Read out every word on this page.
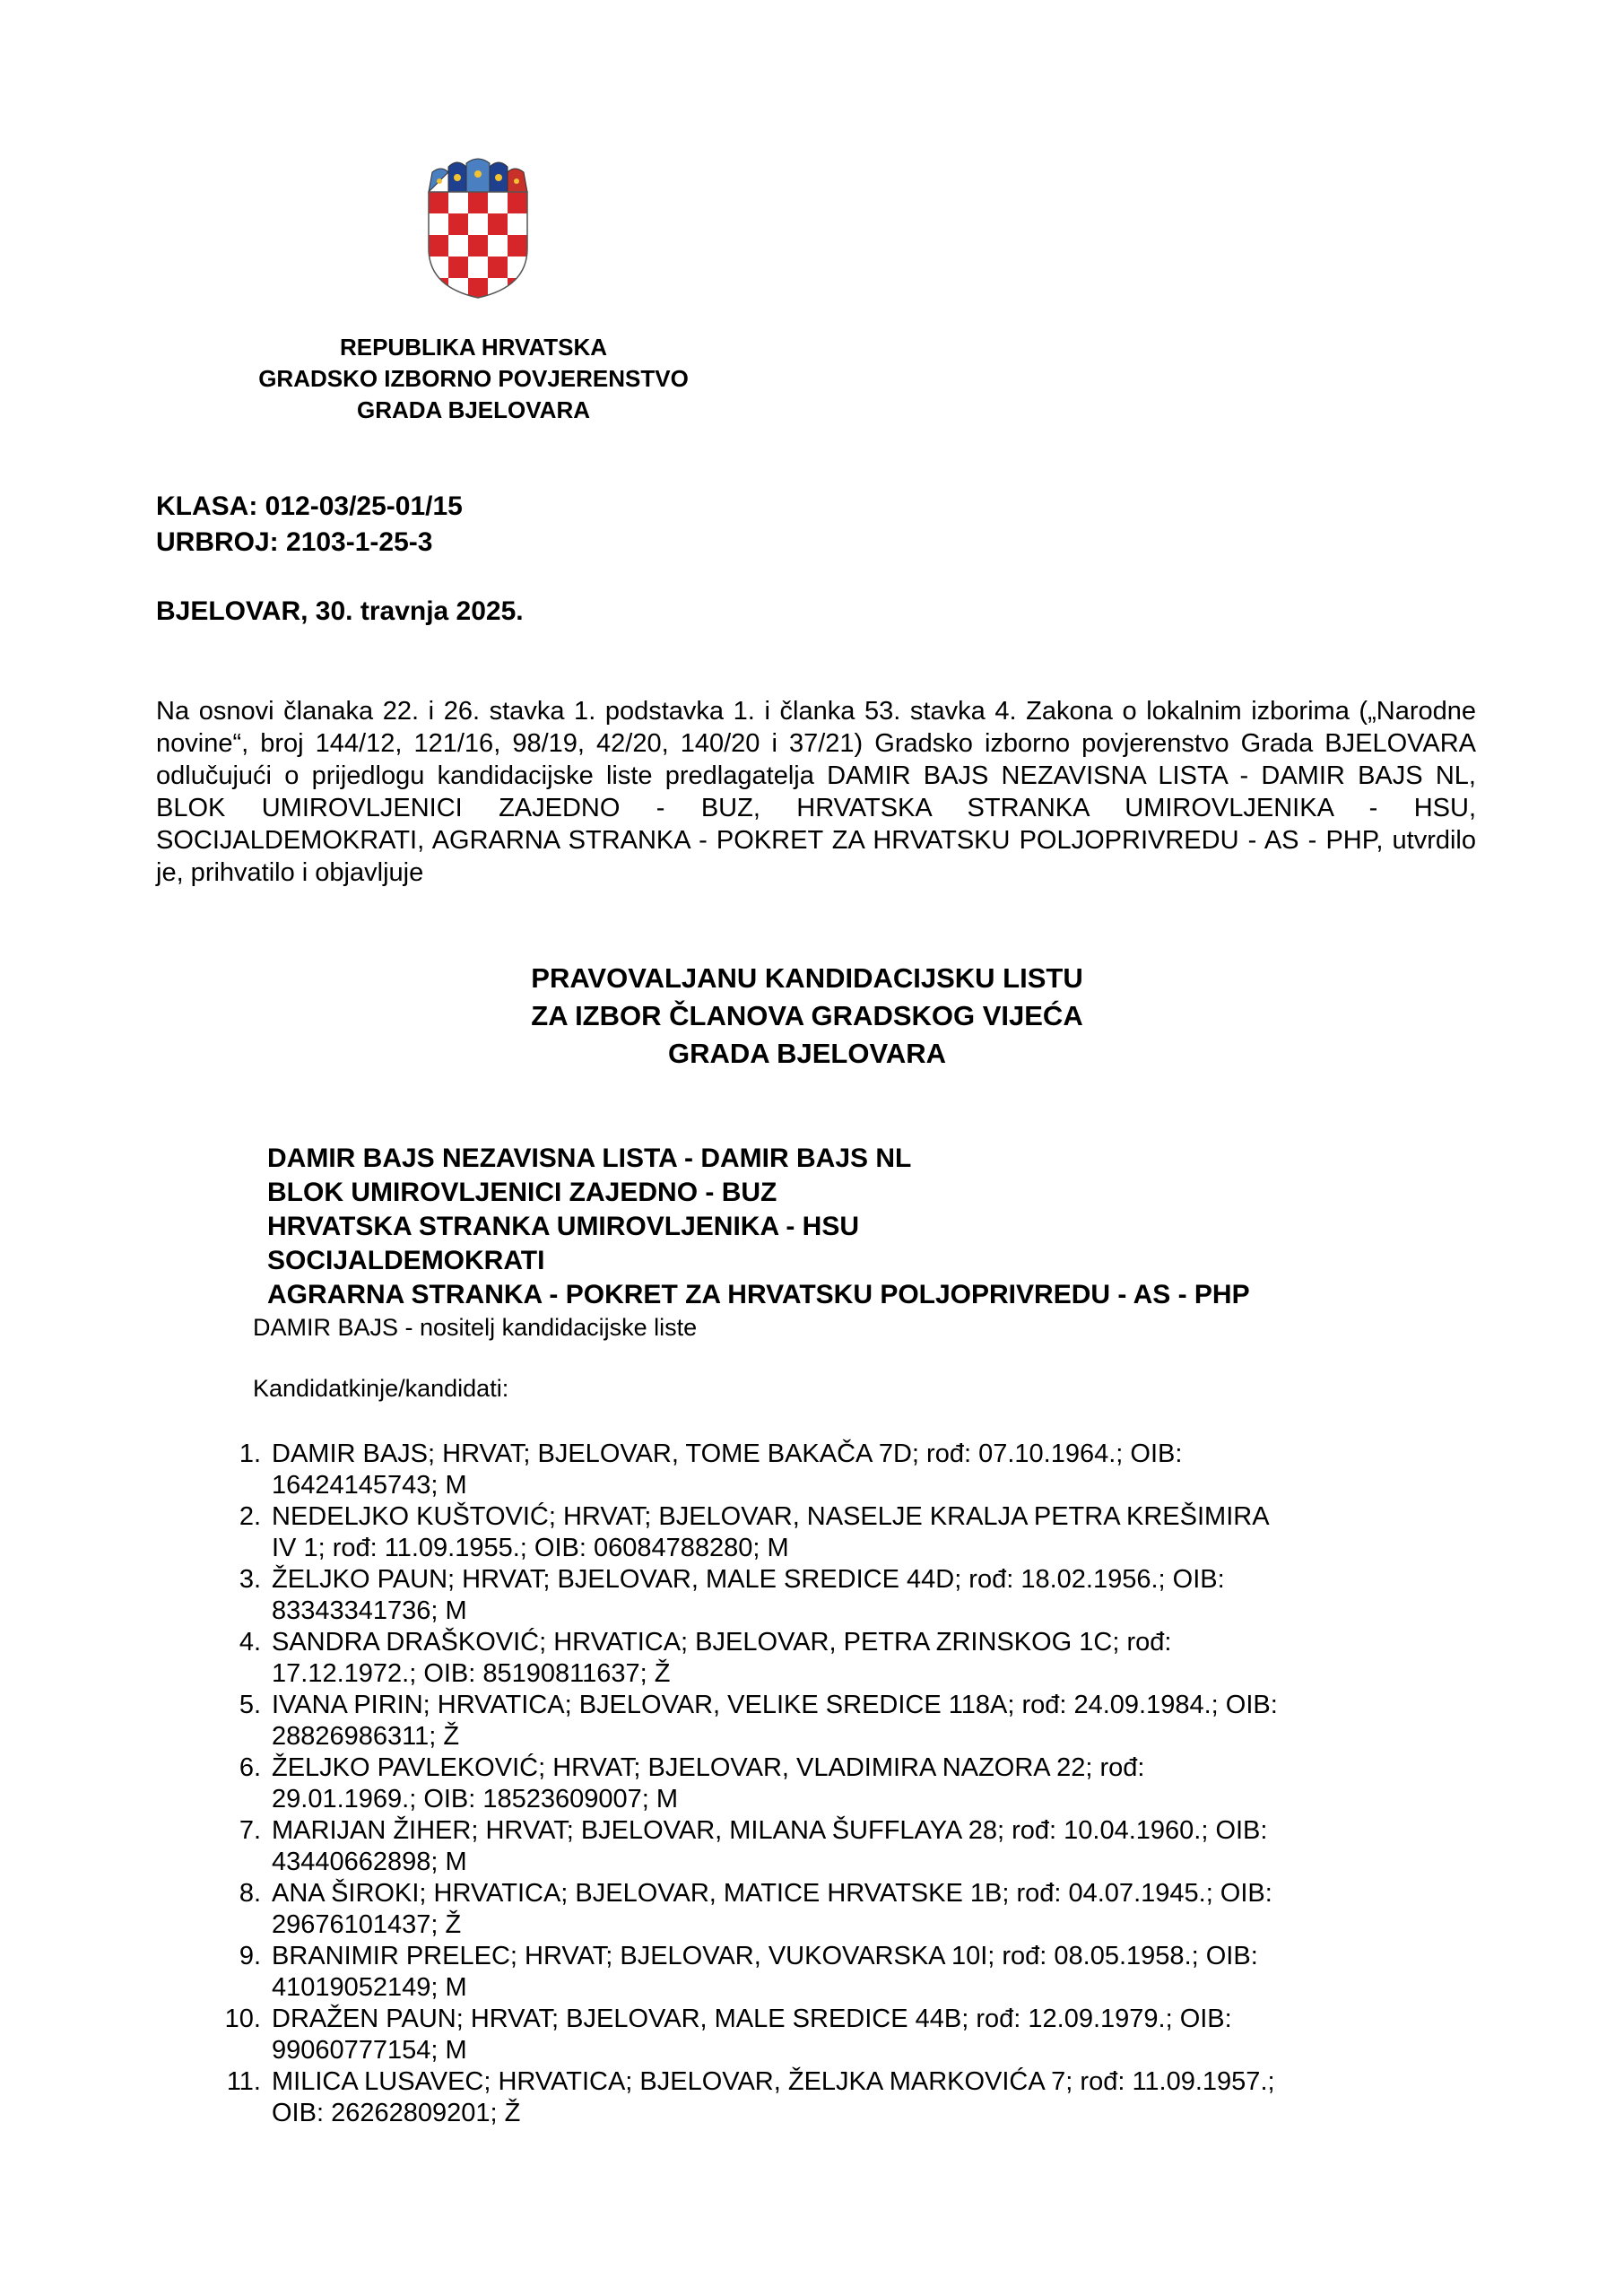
REPUBLIKA HRVATSKA
GRADSKO IZBORNO POVJERENSTVO
GRADA BJELOVARA
KLASA: 012-03/25-01/15
URBROJ: 2103-1-25-3
BJELOVAR, 30. travnja 2025.

Na osnovi članaka 22. i 26. stavka 1. podstavka 1. i članka 53. stavka 4. Zakona o lokalnim izborima („Narodne novine“, broj 144/12, 121/16, 98/19, 42/20, 140/20 i 37/21) Gradsko izborno povjerenstvo Grada BJELOVARA odlučujući o prijedlogu kandidacijske liste predlagatelja DAMIR BAJS NEZAVISNA LISTA - DAMIR BAJS NL, BLOK UMIROVLJENICI ZAJEDNO - BUZ, HRVATSKA STRANKA UMIROVLJENIKA - HSU, SOCIJALDEMOKRATI, AGRARNA STRANKA - POKRET ZA HRVATSKU POLJOPRIVREDU - AS - PHP, utvrdilo je, prihvatilo i objavljuje

PRAVOVALJANU KANDIDACIJSKU LISTU
ZA IZBOR ČLANOVA GRADSKOG VIJEĆA
GRADA BJELOVARA
DAMIR BAJS NEZAVISNA LISTA - DAMIR BAJS NL
BLOK UMIROVLJENICI ZAJEDNO - BUZ
HRVATSKA STRANKA UMIROVLJENIKA - HSU
SOCIJALDEMOKRATI
AGRARNA STRANKA - POKRET ZA HRVATSKU POLJOPRIVREDU - AS - PHP
DAMIR BAJS - nositelj kandidacijske liste
Kandidatkinje/kandidati:
1. DAMIR BAJS; HRVAT; BJELOVAR, TOME BAKAČA 7D; rođ: 07.10.1964.; OIB:
16424145743; M
2. NEDELJKO KUŠTOVIĆ; HRVAT; BJELOVAR, NASELJE KRALJA PETRA KREŠIMIRA
IV 1; rođ: 11.09.1955.; OIB: 06084788280; M
3. ŽELJKO PAUN; HRVAT; BJELOVAR, MALE SREDICE 44D; rođ: 18.02.1956.; OIB:
83343341736; M
4. SANDRA DRAŠKOVIĆ; HRVATICA; BJELOVAR, PETRA ZRINSKOG 1C; rođ:
17.12.1972.; OIB: 85190811637; Ž
5. IVANA PIRIN; HRVATICA; BJELOVAR, VELIKE SREDICE 118A; rođ: 24.09.1984.; OIB:
28826986311; Ž
6. ŽELJKO PAVLEKOVIĆ; HRVAT; BJELOVAR, VLADIMIRA NAZORA 22; rođ:
29.01.1969.; OIB: 18523609007; M
7. MARIJAN ŽIHER; HRVAT; BJELOVAR, MILANA ŠUFFLAYA 28; rođ: 10.04.1960.; OIB:
43440662898; M
8. ANA ŠIROKI; HRVATICA; BJELOVAR, MATICE HRVATSKE 1B; rođ: 04.07.1945.; OIB:
29676101437; Ž
9. BRANIMIR PRELEC; HRVAT; BJELOVAR, VUKOVARSKA 10I; rođ: 08.05.1958.; OIB:
41019052149; M
10. DRAŽEN PAUN; HRVAT; BJELOVAR, MALE SREDICE 44B; rođ: 12.09.1979.; OIB:
99060777154; M
11. MILICA LUSAVEC; HRVATICA; BJELOVAR, ŽELJKA MARKOVIĆA 7; rođ: 11.09.1957.;
OIB: 26262809201; Ž
